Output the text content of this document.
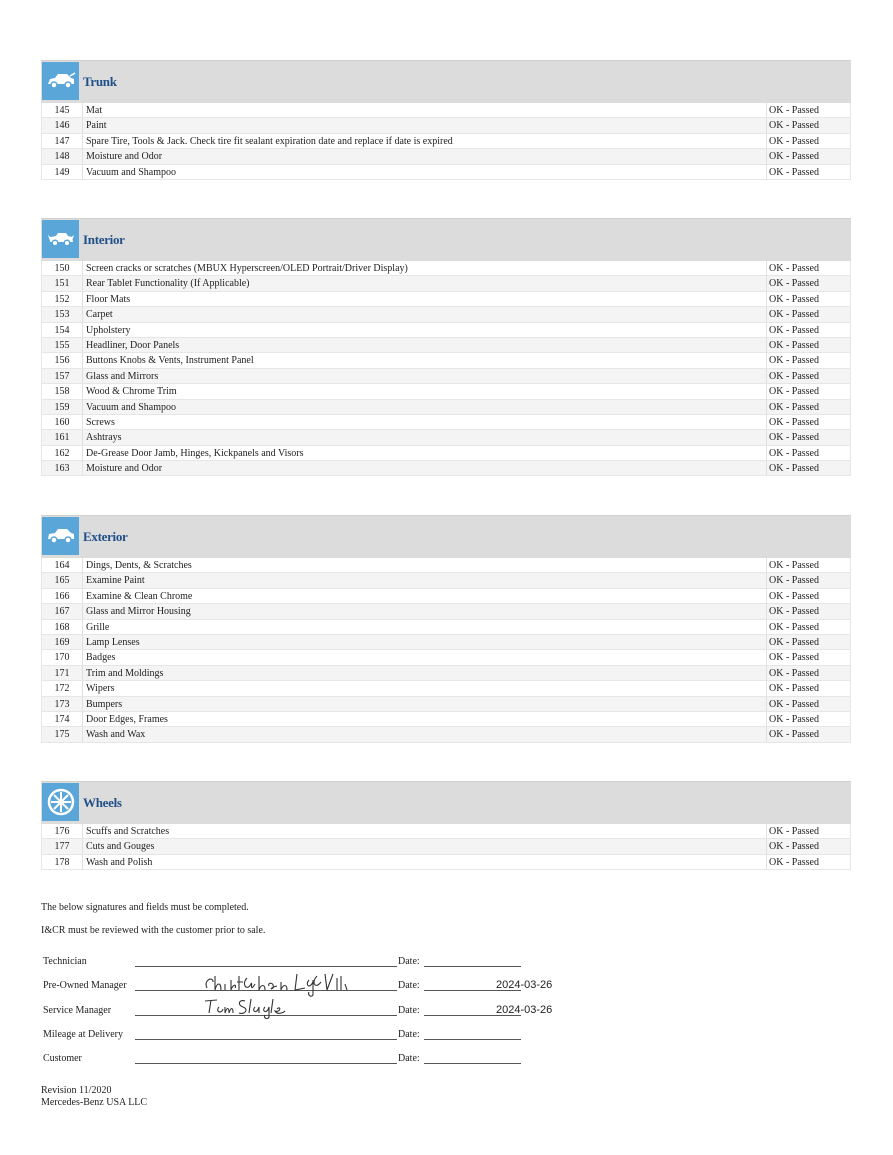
Trunk
145	Mat	OK - Passed
146	Paint	OK - Passed
147	Spare Tire, Tools & Jack. Check tire fit sealant expiration date and replace if date is expired	OK - Passed
148	Moisture and Odor	OK - Passed
149	Vacuum and Shampoo	OK - Passed
Interior
150	Screen cracks or scratches (MBUX Hyperscreen/OLED Portrait/Driver Display)	OK - Passed
151	Rear Tablet Functionality (If Applicable)	OK - Passed
152	Floor Mats	OK - Passed
153	Carpet	OK - Passed
154	Upholstery	OK - Passed
155	Headliner, Door Panels	OK - Passed
156	Buttons Knobs & Vents, Instrument Panel	OK - Passed
157	Glass and Mirrors	OK - Passed
158	Wood & Chrome Trim	OK - Passed
159	Vacuum and Shampoo	OK - Passed
160	Screws	OK - Passed
161	Ashtrays	OK - Passed
162	De-Grease Door Jamb, Hinges, Kickpanels and Visors	OK - Passed
163	Moisture and Odor	OK - Passed
Exterior
164	Dings, Dents, & Scratches	OK - Passed
165	Examine Paint	OK - Passed
166	Examine & Clean Chrome	OK - Passed
167	Glass and Mirror Housing	OK - Passed
168	Grille	OK - Passed
169	Lamp Lenses	OK - Passed
170	Badges	OK - Passed
171	Trim and Moldings	OK - Passed
172	Wipers	OK - Passed
173	Bumpers	OK - Passed
174	Door Edges, Frames	OK - Passed
175	Wash and Wax	OK - Passed
Wheels
176	Scuffs and Scratches	OK - Passed
177	Cuts and Gouges	OK - Passed
178	Wash and Polish	OK - Passed
The below signatures and fields must be completed.
I&CR must be reviewed with the customer prior to sale.
Technician	Date:
Pre-Owned Manager	Date:	2024-03-26
Service Manager	Date:	2024-03-26
Mileage at Delivery	Date:
Customer	Date:
Revision 11/2020
Mercedes-Benz USA LLC
